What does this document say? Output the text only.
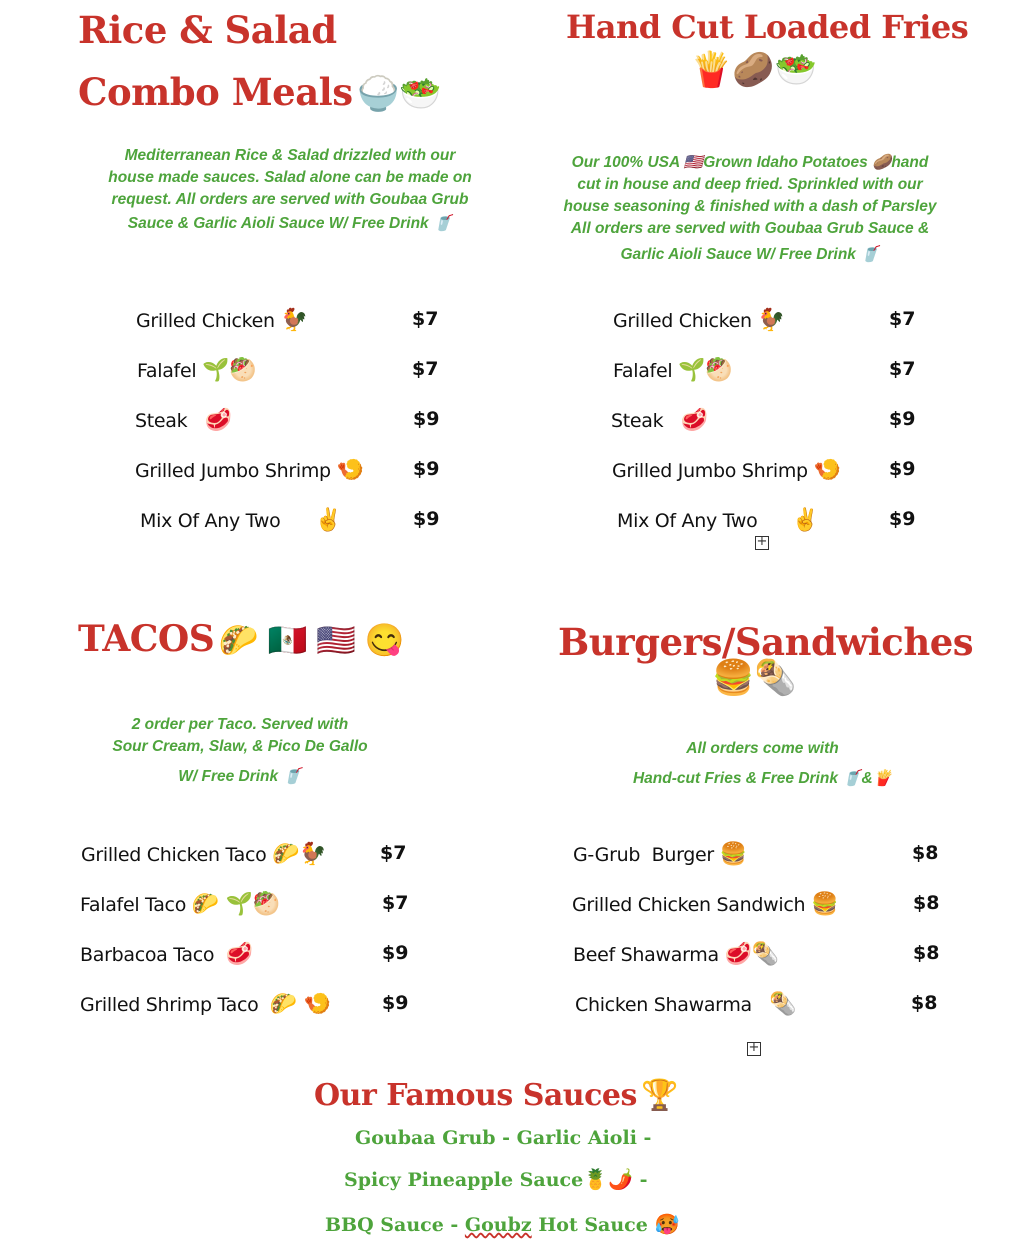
Rice & Salad
Combo Meals 🍚🥗
Mediterranean Rice & Salad drizzled with our
house made sauces. Salad alone can be made on
request. All orders are served with Goubaa Grub
Sauce & Garlic Aioli Sauce W/ Free Drink 🥤
Grilled Chicken 🐓	$7
Falafel 🌱🥙	$7
Steak 🥩	$9
Grilled Jumbo Shrimp 🍤	$9
Mix Of Any Two ✌️	$9
Hand Cut Loaded Fries
🍟🥔🥗
Our 100% USA 🇺🇸Grown Idaho Potatoes 🥔hand
cut in house and deep fried. Sprinkled with our
house seasoning & finished with a dash of Parsley
All orders are served with Goubaa Grub Sauce &
Garlic Aioli Sauce W/ Free Drink 🥤
Grilled Chicken 🐓	$7
Falafel 🌱🥙	$7
Steak 🥩	$9
Grilled Jumbo Shrimp 🍤	$9
Mix Of Any Two ✌️	$9
+
TACOS 🌮 🇲🇽 🇺🇸 😋
2 order per Taco. Served with
Sour Cream, Slaw, & Pico De Gallo
W/ Free Drink 🥤
Grilled Chicken Taco 🌮🐓	$7
Falafel Taco 🌮 🌱🥙	$7
Barbacoa Taco 🥩	$9
Grilled Shrimp Taco 🌮 🍤	$9
Burgers/Sandwiches
🍔🌯
All orders come with
Hand-cut Fries & Free Drink 🥤&🍟
G-Grub  Burger 🍔	$8
Grilled Chicken Sandwich 🍔	$8
Beef Shawarma 🥩🌯	$8
Chicken Shawarma 🌯	$8
+
Our Famous Sauces 🏆
Goubaa Grub - Garlic Aioli -
Spicy Pineapple Sauce🍍🌶️ -
BBQ Sauce - Goubz Hot Sauce 🥵
